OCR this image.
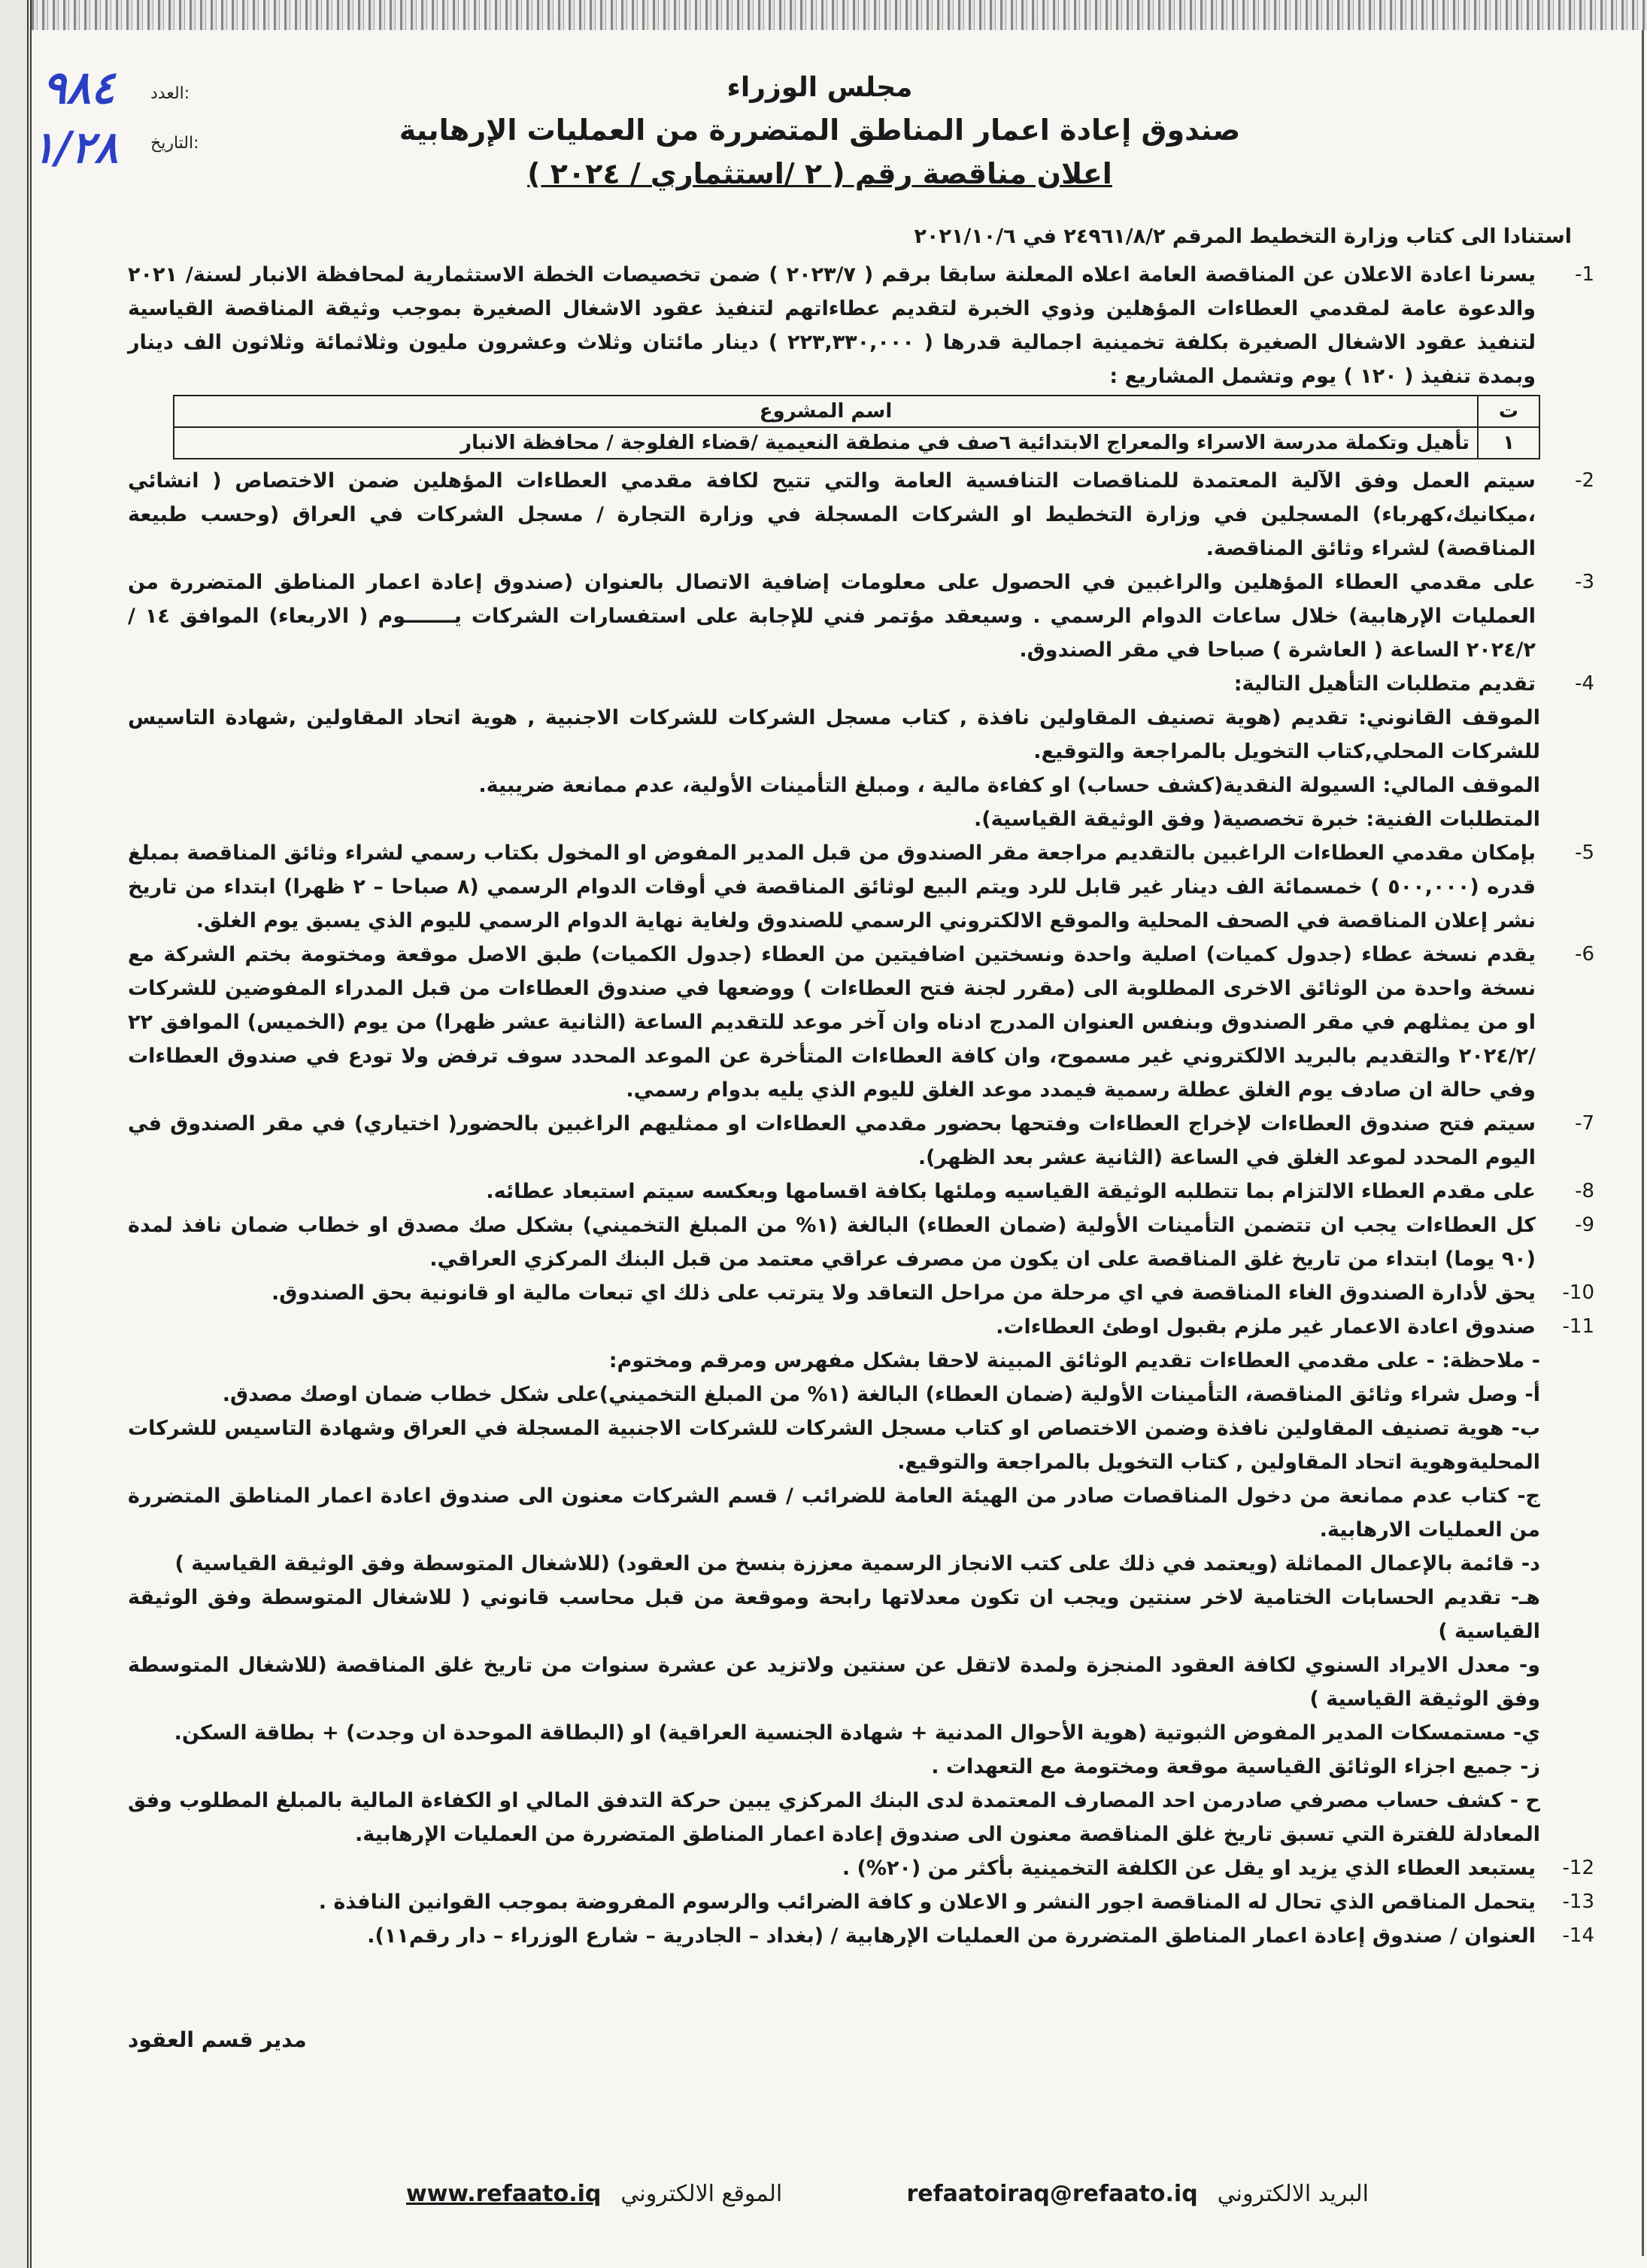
٩٨٤
١/٢٨
العدد:
التاريخ:
مجلس الوزراء
صندوق إعادة اعمار المناطق المتضررة من العمليات الإرهابية
اعلان مناقصة رقم ( ٢ /استثماري / ٢٠٢٤ )

استنادا الى كتاب وزارة التخطيط المرقم ٢٤٩٦١/٨/٢ في ٢٠٢١/١٠/٦

-1
يسرنا اعادة الاعلان عن المناقصة العامة اعلاه المعلنة سابقا برقم ( ٢٠٢٣/٧ ) ضمن تخصيصات الخطة الاستثمارية لمحافظة الانبار لسنة/ ٢٠٢١ والدعوة عامة لمقدمي العطاءات المؤهلين وذوي الخبرة لتقديم عطاءاتهم لتنفيذ عقود الاشغال الصغيرة بموجب وثيقة المناقصة القياسية لتنفيذ عقود الاشغال الصغيرة بكلفة تخمينية اجمالية قدرها ( ٢٢٣,٣٣٠,٠٠٠ ) دينار مائتان وثلاث وعشرون مليون وثلاثمائة وثلاثون الف دينار وبمدة تنفيذ ( ١٢٠ ) يوم وتشمل المشاريع :
ت	اسم المشروع
١	تأهيل وتكملة مدرسة الاسراء والمعراج الابتدائية ٦صف في منطقة النعيمية /قضاء الفلوجة / محافظة الانبار
-2
سيتم العمل وفق الآلية المعتمدة للمناقصات التنافسية العامة والتي تتيح لكافة مقدمي العطاءات المؤهلين ضمن الاختصاص ( انشائي ،ميكانيك،كهرباء) المسجلين في وزارة التخطيط او الشركات المسجلة في وزارة التجارة / مسجل الشركات في العراق (وحسب طبيعة المناقصة) لشراء وثائق المناقصة.
-3
على مقدمي العطاء المؤهلين والراغبين في الحصول على معلومات إضافية الاتصال بالعنوان (صندوق إعادة اعمار المناطق المتضررة من العمليات الإرهابية) خلال ساعات الدوام الرسمي . وسيعقد مؤتمر فني للإجابة على استفسارات الشركات يـــــــوم ( الاربعاء) الموافق ١٤ /٢٠٢٤/٢ الساعة ( العاشرة ) صباحا في مقر الصندوق.
-4
تقديم متطلبات التأهيل التالية:

الموقف القانوني: تقديم (هوية تصنيف المقاولين نافذة , كتاب مسجل الشركات للشركات الاجنبية , هوية اتحاد المقاولين ,شهادة التاسيس للشركات المحلي,كتاب التخويل بالمراجعة والتوقيع.

الموقف المالي: السيولة النقدية(كشف حساب) او كفاءة مالية ، ومبلغ التأمينات الأولية، عدم ممانعة ضريبية.

المتطلبات الفنية: خبرة تخصصية( وفق الوثيقة القياسية).

-5
بإمكان مقدمي العطاءات الراغبين بالتقديم مراجعة مقر الصندوق من قبل المدير المفوض او المخول بكتاب رسمي لشراء وثائق المناقصة بمبلغ قدره (٥٠٠,٠٠٠ ) خمسمائة الف دينار غير قابل للرد ويتم البيع لوثائق المناقصة في أوقات الدوام الرسمي (٨ صباحا – ٢ ظهرا) ابتداء من تاريخ نشر إعلان المناقصة في الصحف المحلية والموقع الالكتروني الرسمي للصندوق ولغاية نهاية الدوام الرسمي لليوم الذي يسبق يوم الغلق.
-6
يقدم نسخة عطاء (جدول كميات) اصلية واحدة ونسختين اضافيتين من العطاء (جدول الكميات) طبق الاصل موقعة ومختومة بختم الشركة مع نسخة واحدة من الوثائق الاخرى المطلوبة الى (مقرر لجنة فتح العطاءات ) ووضعها في صندوق العطاءات من قبل المدراء المفوضين للشركات او من يمثلهم في مقر الصندوق وبنفس العنوان المدرج ادناه وان آخر موعد للتقديم الساعة (الثانية عشر ظهرا) من يوم (الخميس) الموافق ٢٢ /٢٠٢٤/٢ والتقديم بالبريد الالكتروني غير مسموح، وان كافة العطاءات المتأخرة عن الموعد المحدد سوف ترفض ولا تودع في صندوق العطاءات وفي حالة ان صادف يوم الغلق عطلة رسمية فيمدد موعد الغلق لليوم الذي يليه بدوام رسمي.
-7
سيتم فتح صندوق العطاءات لإخراج العطاءات وفتحها بحضور مقدمي العطاءات او ممثليهم الراغبين بالحضور( اختياري) في مقر الصندوق في اليوم المحدد لموعد الغلق في الساعة (الثانية عشر بعد الظهر).
-8
على مقدم العطاء الالتزام بما تتطلبه الوثيقة القياسيه وملئها بكافة اقسامها وبعكسه سيتم استبعاد عطائه.
-9
كل العطاءات يجب ان تتضمن التأمينات الأولية (ضمان العطاء) البالغة (١% من المبلغ التخميني) بشكل صك مصدق او خطاب ضمان نافذ لمدة (٩٠ يوما) ابتداء من تاريخ غلق المناقصة على ان يكون من مصرف عراقي معتمد من قبل البنك المركزي العراقي.
-10
يحق لأدارة الصندوق الغاء المناقصة في اي مرحلة من مراحل التعاقد ولا يترتب على ذلك اي تبعات مالية او قانونية بحق الصندوق.
-11
صندوق اعادة الاعمار غير ملزم بقبول اوطئ العطاءات.

- ملاحظة: - على مقدمي العطاءات تقديم الوثائق المبينة لاحقا بشكل مفهرس ومرقم ومختوم:

أ- وصل شراء وثائق المناقصة، التأمينات الأولية (ضمان العطاء) البالغة (١% من المبلغ التخميني)على شكل خطاب ضمان اوصك مصدق.

ب- هوية تصنيف المقاولين نافذة وضمن الاختصاص او كتاب مسجل الشركات للشركات الاجنبية المسجلة في العراق وشهادة التاسيس للشركات المحليةوهوية اتحاد المقاولين , كتاب التخويل بالمراجعة والتوقيع.

ج- كتاب عدم ممانعة من دخول المناقصات صادر من الهيئة العامة للضرائب / قسم الشركات معنون الى صندوق اعادة اعمار المناطق المتضررة من العمليات الارهابية.

د- قائمة بالإعمال المماثلة (ويعتمد في ذلك على كتب الانجاز الرسمية معززة بنسخ من العقود) (للاشغال المتوسطة وفق الوثيقة القياسية )

هـ- تقديم الحسابات الختامية لاخر سنتين ويجب ان تكون معدلاتها رابحة وموقعة من قبل محاسب قانوني ( للاشغال المتوسطة وفق الوثيقة القياسية )

و- معدل الايراد السنوي لكافة العقود المنجزة ولمدة لاتقل عن سنتين ولاتزيد عن عشرة سنوات من تاريخ غلق المناقصة (للاشغال المتوسطة وفق الوثيقة القياسية )

ي- مستمسكات المدير المفوض الثبوتية (هوية الأحوال المدنية + شهادة الجنسية العراقية) او (البطاقة الموحدة ان وجدت) + بطاقة السكن.

ز- جميع اجزاء الوثائق القياسية موقعة ومختومة مع التعهدات .

ح - كشف حساب مصرفي صادرمن احد المصارف المعتمدة لدى البنك المركزي يبين حركة التدفق المالي او الكفاءة المالية بالمبلغ المطلوب وفق المعادلة للفترة التي تسبق تاريخ غلق المناقصة معنون الى صندوق إعادة اعمار المناطق المتضررة من العمليات الإرهابية.

-12
يستبعد العطاء الذي يزيد او يقل عن الكلفة التخمينية بأكثر من (٢٠%) .
-13
يتحمل المناقص الذي تحال له المناقصة اجور النشر و الاعلان و كافة الضرائب والرسوم المفروضة بموجب القوانين النافذة .
-14
العنوان / صندوق إعادة اعمار المناطق المتضررة من العمليات الإرهابية / (بغداد – الجادرية – شارع الوزراء – دار رقم١١).
مدير قسم العقود
www.refaato.iq الموقع الالكتروني	refaatoiraq@refaato.iq البريد الالكتروني
